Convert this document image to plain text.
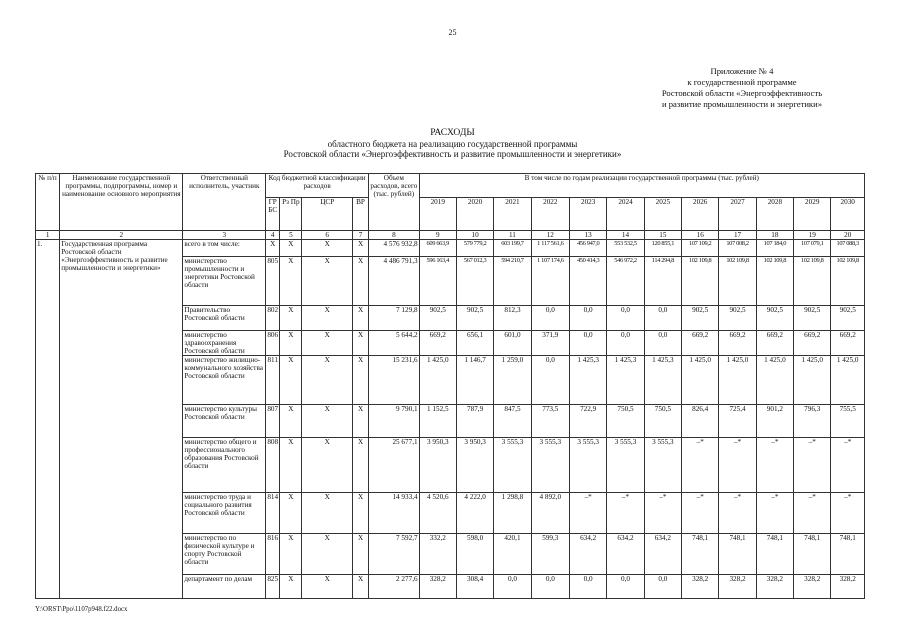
25
Приложение № 4
к государственной программе
Ростовской области «Энергоэффективность
и развитие промышленности и энергетики»
РАСХОДЫ
областного бюджета на реализацию государственной программы
Ростовской области «Энергоэффективность и развитие промышленности и энергетики»
№ п/п	Наименование государственной программы, подпрограммы, номер и наименование основного мероприятия	Ответственный исполнитель, участник	Код бюджетной классификации расходов				Объем расходов, всего (тыс. рублей)	В том числе по годам реализации государственной программы (тыс. рублей)											
			ГР БС	Рз Пр	ЦСР	ВР		2019	2020	2021	2022	2023	2024	2025	2026	2027	2028	2029	2030
1	2	3	4	5	6	7	8	9	10	11	12	13	14	15	16	17	18	19	20
1.	Государственная программа Ростовской области «Энергоэффективность и развитие промышленности и энергетики»	всего в том числе:	X	X	X	X	4 576 932,8	609 663,9	579 779,2	603 199,7	1 117 561,6	456 947,0	553 532,5	120 855,1	107 109,2	107 008,2	107 184,0	107 079,1	107 088,3
		министерство промышленности и энергетики Ростовской области	805	X	X	X	4 486 791,3	596 163,4	567 012,3	594 210,7	1 107 174,6	450 414,3	546 972,2	114 294,8	102 109,8	102 109,8	102 109,8	102 109,8	102 109,8
		Правительство Ростовской области	802	X	X	X	7 129,8	902,5	902,5	812,3	0,0	0,0	0,0	0,0	902,5	902,5	902,5	902,5	902,5
		министерство здравоохранения Ростовской области	806	X	X	X	5 644,2	669,2	656,1	601,0	371,9	0,0	0,0	0,0	669,2	669,2	669,2	669,2	669,2
		министерство жилищно-коммунального хозяйства Ростовской области	811	X	X	X	15 231,6	1 425,0	1 146,7	1 259,0	0,0	1 425,3	1 425,3	1 425,3	1 425,0	1 425,0	1 425,0	1 425,0	1 425,0
		министерство культуры Ростовской области	807	X	X	X	9 790,1	1 152,5	787,9	847,5	773,5	722,9	750,5	750,5	826,4	725,4	901,2	796,3	755,5
		министерство общего и профессионального образования Ростовской области	808	X	X	X	25 677,1	3 950,3	3 950,3	3 555,3	3 555,3	3 555,3	3 555,3	3 555,3	–*	–*	–*	–*	–*
		министерство труда и социального развития Ростовской области	814	X	X	X	14 933,4	4 520,6	4 222,0	1 298,8	4 892,0	–*	–*	–*	–*	–*	–*	–*	–*
		министерство по физической культуре и спорту Ростовской области	816	X	X	X	7 592,7	332,2	598,0	420,1	599,3	634,2	634,2	634,2	748,1	748,1	748,1	748,1	748,1
		департамент по делам	825	X	X	X	2 277,6	328,2	308,4	0,0	0,0	0,0	0,0	0,0	328,2	328,2	328,2	328,2	328,2
Y:\ORST\Ppo\1107p948.f22.docx
